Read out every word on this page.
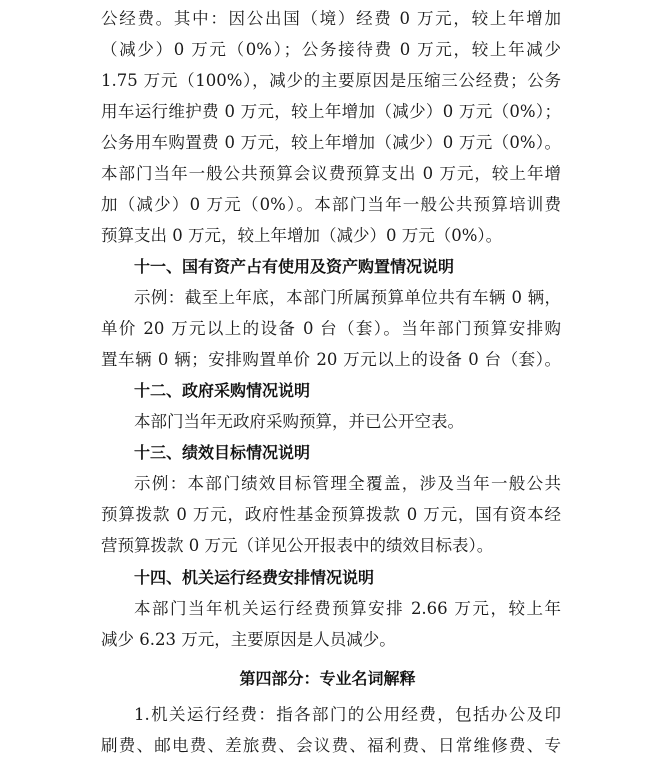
公经费。其中：因公出国（境）经费 0 万元，较上年增加
（减少）0 万元（0%）；公务接待费 0 万元，较上年减少
1.75 万元（100%），减少的主要原因是压缩三公经费；公务
用车运行维护费 0 万元，较上年增加（减少）0 万元（0%）；
公务用车购置费 0 万元，较上年增加（减少）0 万元（0%）。
本部门当年一般公共预算会议费预算支出 0 万元，较上年增
加（减少）0 万元（0%）。本部门当年一般公共预算培训费
预算支出 0 万元，较上年增加（减少）0 万元（0%）。
十一、国有资产占有使用及资产购置情况说明
示例：截至上年底，本部门所属预算单位共有车辆 0 辆，
单价 20 万元以上的设备 0 台（套）。当年部门预算安排购
置车辆 0 辆；安排购置单价 20 万元以上的设备 0 台（套）。
十二、政府采购情况说明
本部门当年无政府采购预算，并已公开空表。
十三、绩效目标情况说明
示例：本部门绩效目标管理全覆盖，涉及当年一般公共
预算拨款 0 万元，政府性基金预算拨款 0 万元，国有资本经
营预算拨款 0 万元（详见公开报表中的绩效目标表）。
十四、机关运行经费安排情况说明
本部门当年机关运行经费预算安排 2.66 万元，较上年
减少 6.23 万元，主要原因是人员减少。
第四部分：专业名词解释
1.机关运行经费：指各部门的公用经费，包括办公及印
刷费、邮电费、差旅费、会议费、福利费、日常维修费、专
